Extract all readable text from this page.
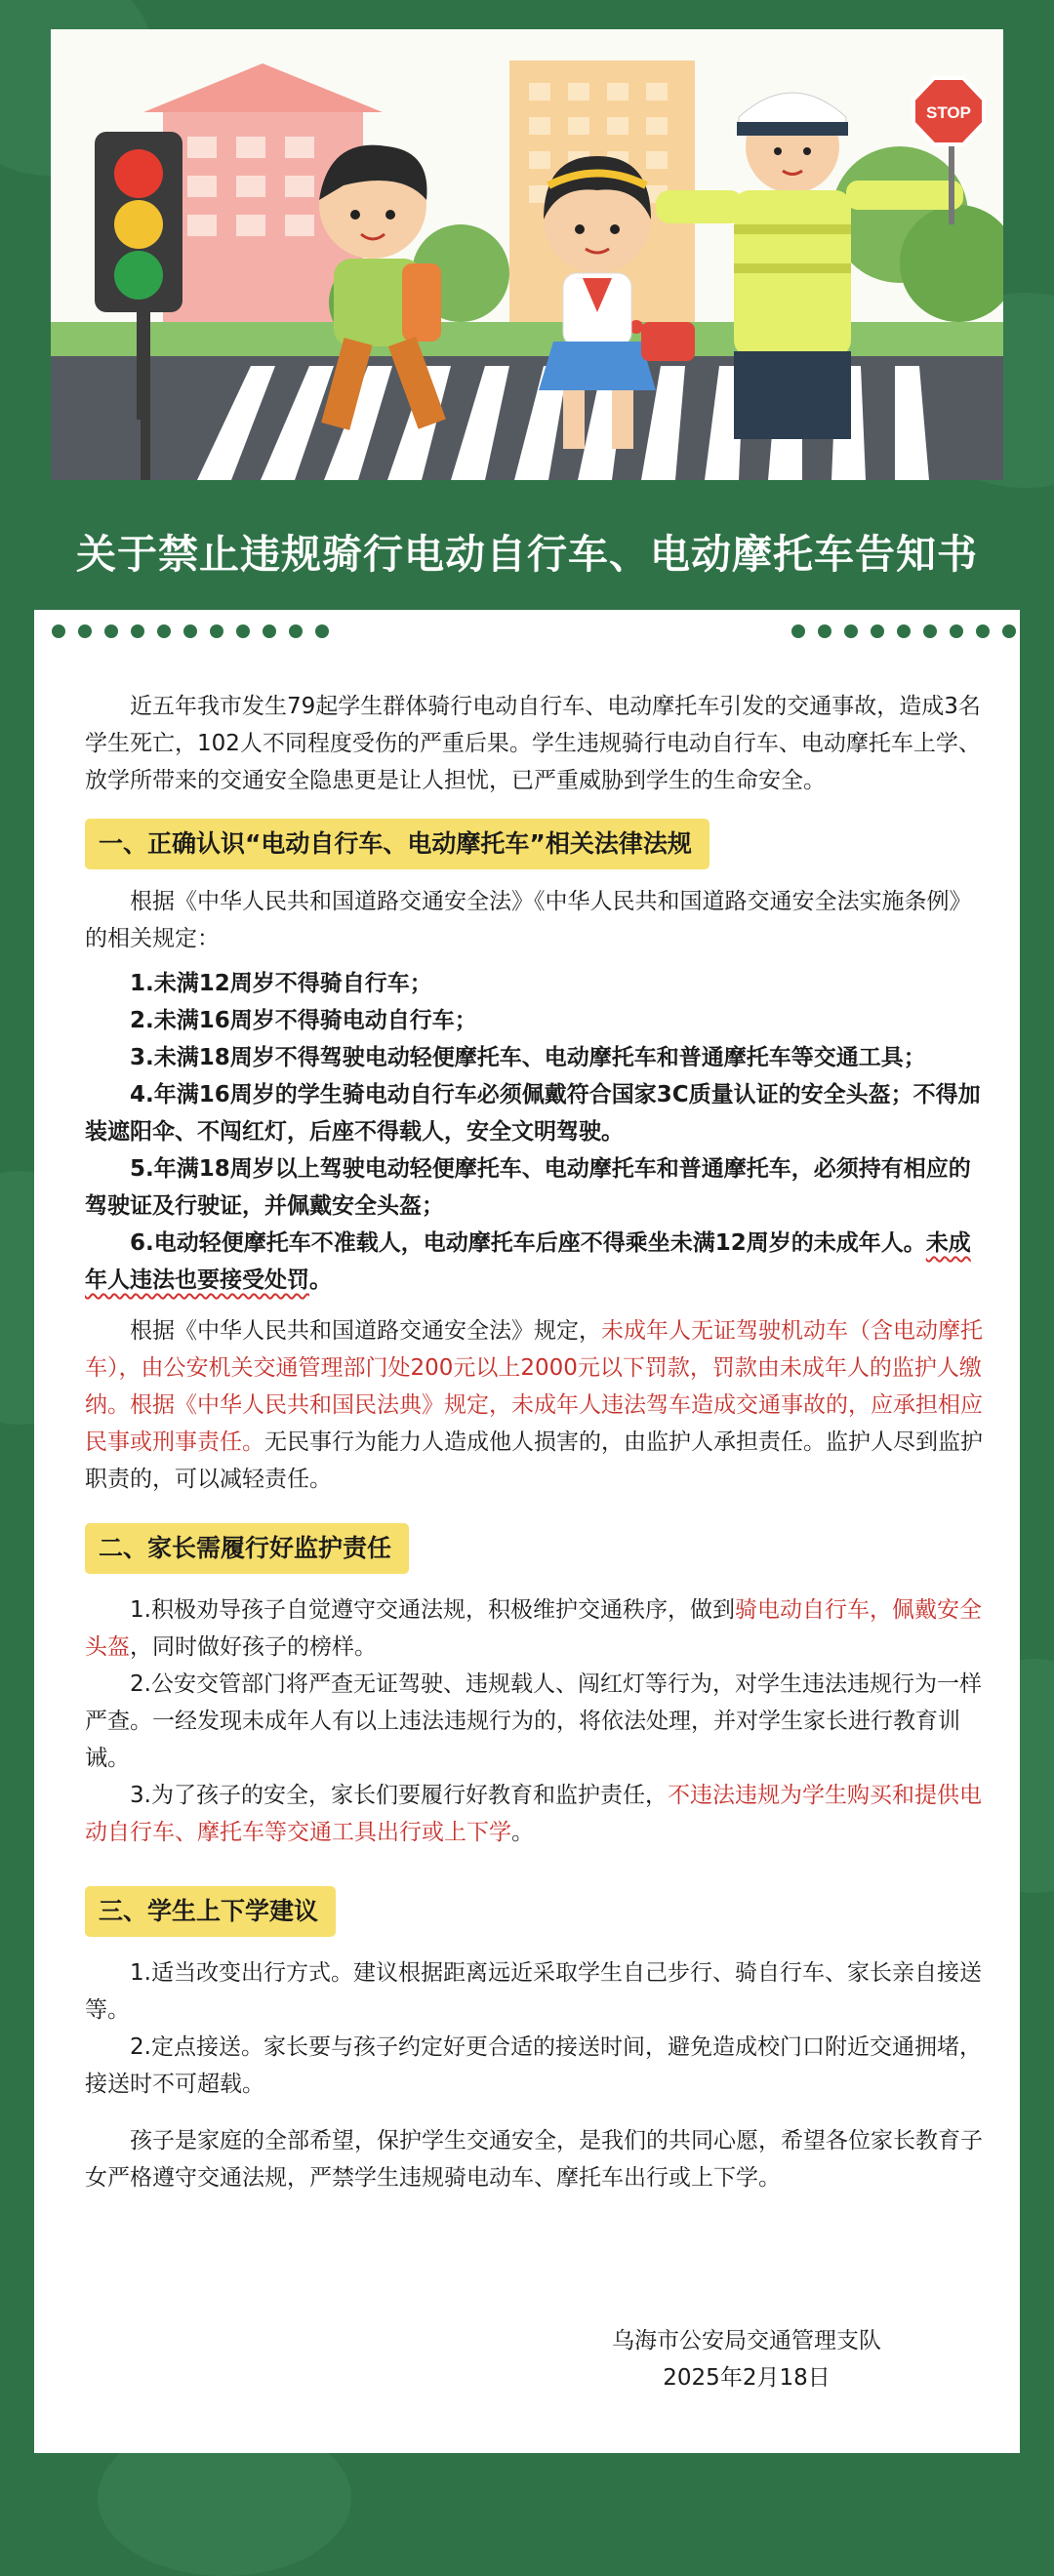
STOP
关于禁止违规骑行电动自行车、电动摩托车告知书

近五年我市发生79起学生群体骑行电动自行车、电动摩托车引发的交通事故，造成3名学生死亡，102人不同程度受伤的严重后果。学生违规骑行电动自行车、电动摩托车上学、放学所带来的交通安全隐患更是让人担忧，已严重威胁到学生的生命安全。

一、正确认识“电动自行车、电动摩托车”相关法律法规

根据《中华人民共和国道路交通安全法》《中华人民共和国道路交通安全法实施条例》的相关规定：

1.未满12周岁不得骑自行车；

2.未满16周岁不得骑电动自行车；

3.未满18周岁不得驾驶电动轻便摩托车、电动摩托车和普通摩托车等交通工具；

4.年满16周岁的学生骑电动自行车必须佩戴符合国家3C质量认证的安全头盔；不得加装遮阳伞、不闯红灯，后座不得载人，安全文明驾驶。

5.年满18周岁以上驾驶电动轻便摩托车、电动摩托车和普通摩托车，必须持有相应的驾驶证及行驶证，并佩戴安全头盔；

6.电动轻便摩托车不准载人，电动摩托车后座不得乘坐未满12周岁的未成年人。未成年人违法也要接受处罚。

根据《中华人民共和国道路交通安全法》规定，未成年人无证驾驶机动车（含电动摩托车），由公安机关交通管理部门处200元以上2000元以下罚款，罚款由未成年人的监护人缴纳。根据《中华人民共和国民法典》规定，未成年人违法驾车造成交通事故的，应承担相应民事或刑事责任。无民事行为能力人造成他人损害的，由监护人承担责任。监护人尽到监护职责的，可以减轻责任。

二、家长需履行好监护责任

1.积极劝导孩子自觉遵守交通法规，积极维护交通秩序，做到骑电动自行车，佩戴安全头盔，同时做好孩子的榜样。

2.公安交管部门将严查无证驾驶、违规载人、闯红灯等行为，对学生违法违规行为一样严查。一经发现未成年人有以上违法违规行为的，将依法处理，并对学生家长进行教育训诫。

3.为了孩子的安全，家长们要履行好教育和监护责任，不违法违规为学生购买和提供电动自行车、摩托车等交通工具出行或上下学。

三、学生上下学建议

1.适当改变出行方式。建议根据距离远近采取学生自己步行、骑自行车、家长亲自接送等。

2.定点接送。家长要与孩子约定好更合适的接送时间，避免造成校门口附近交通拥堵，接送时不可超载。

孩子是家庭的全部希望，保护学生交通安全，是我们的共同心愿，希望各位家长教育子女严格遵守交通法规，严禁学生违规骑电动车、摩托车出行或上下学。

乌海市公安局交通管理支队
2025年2月18日
